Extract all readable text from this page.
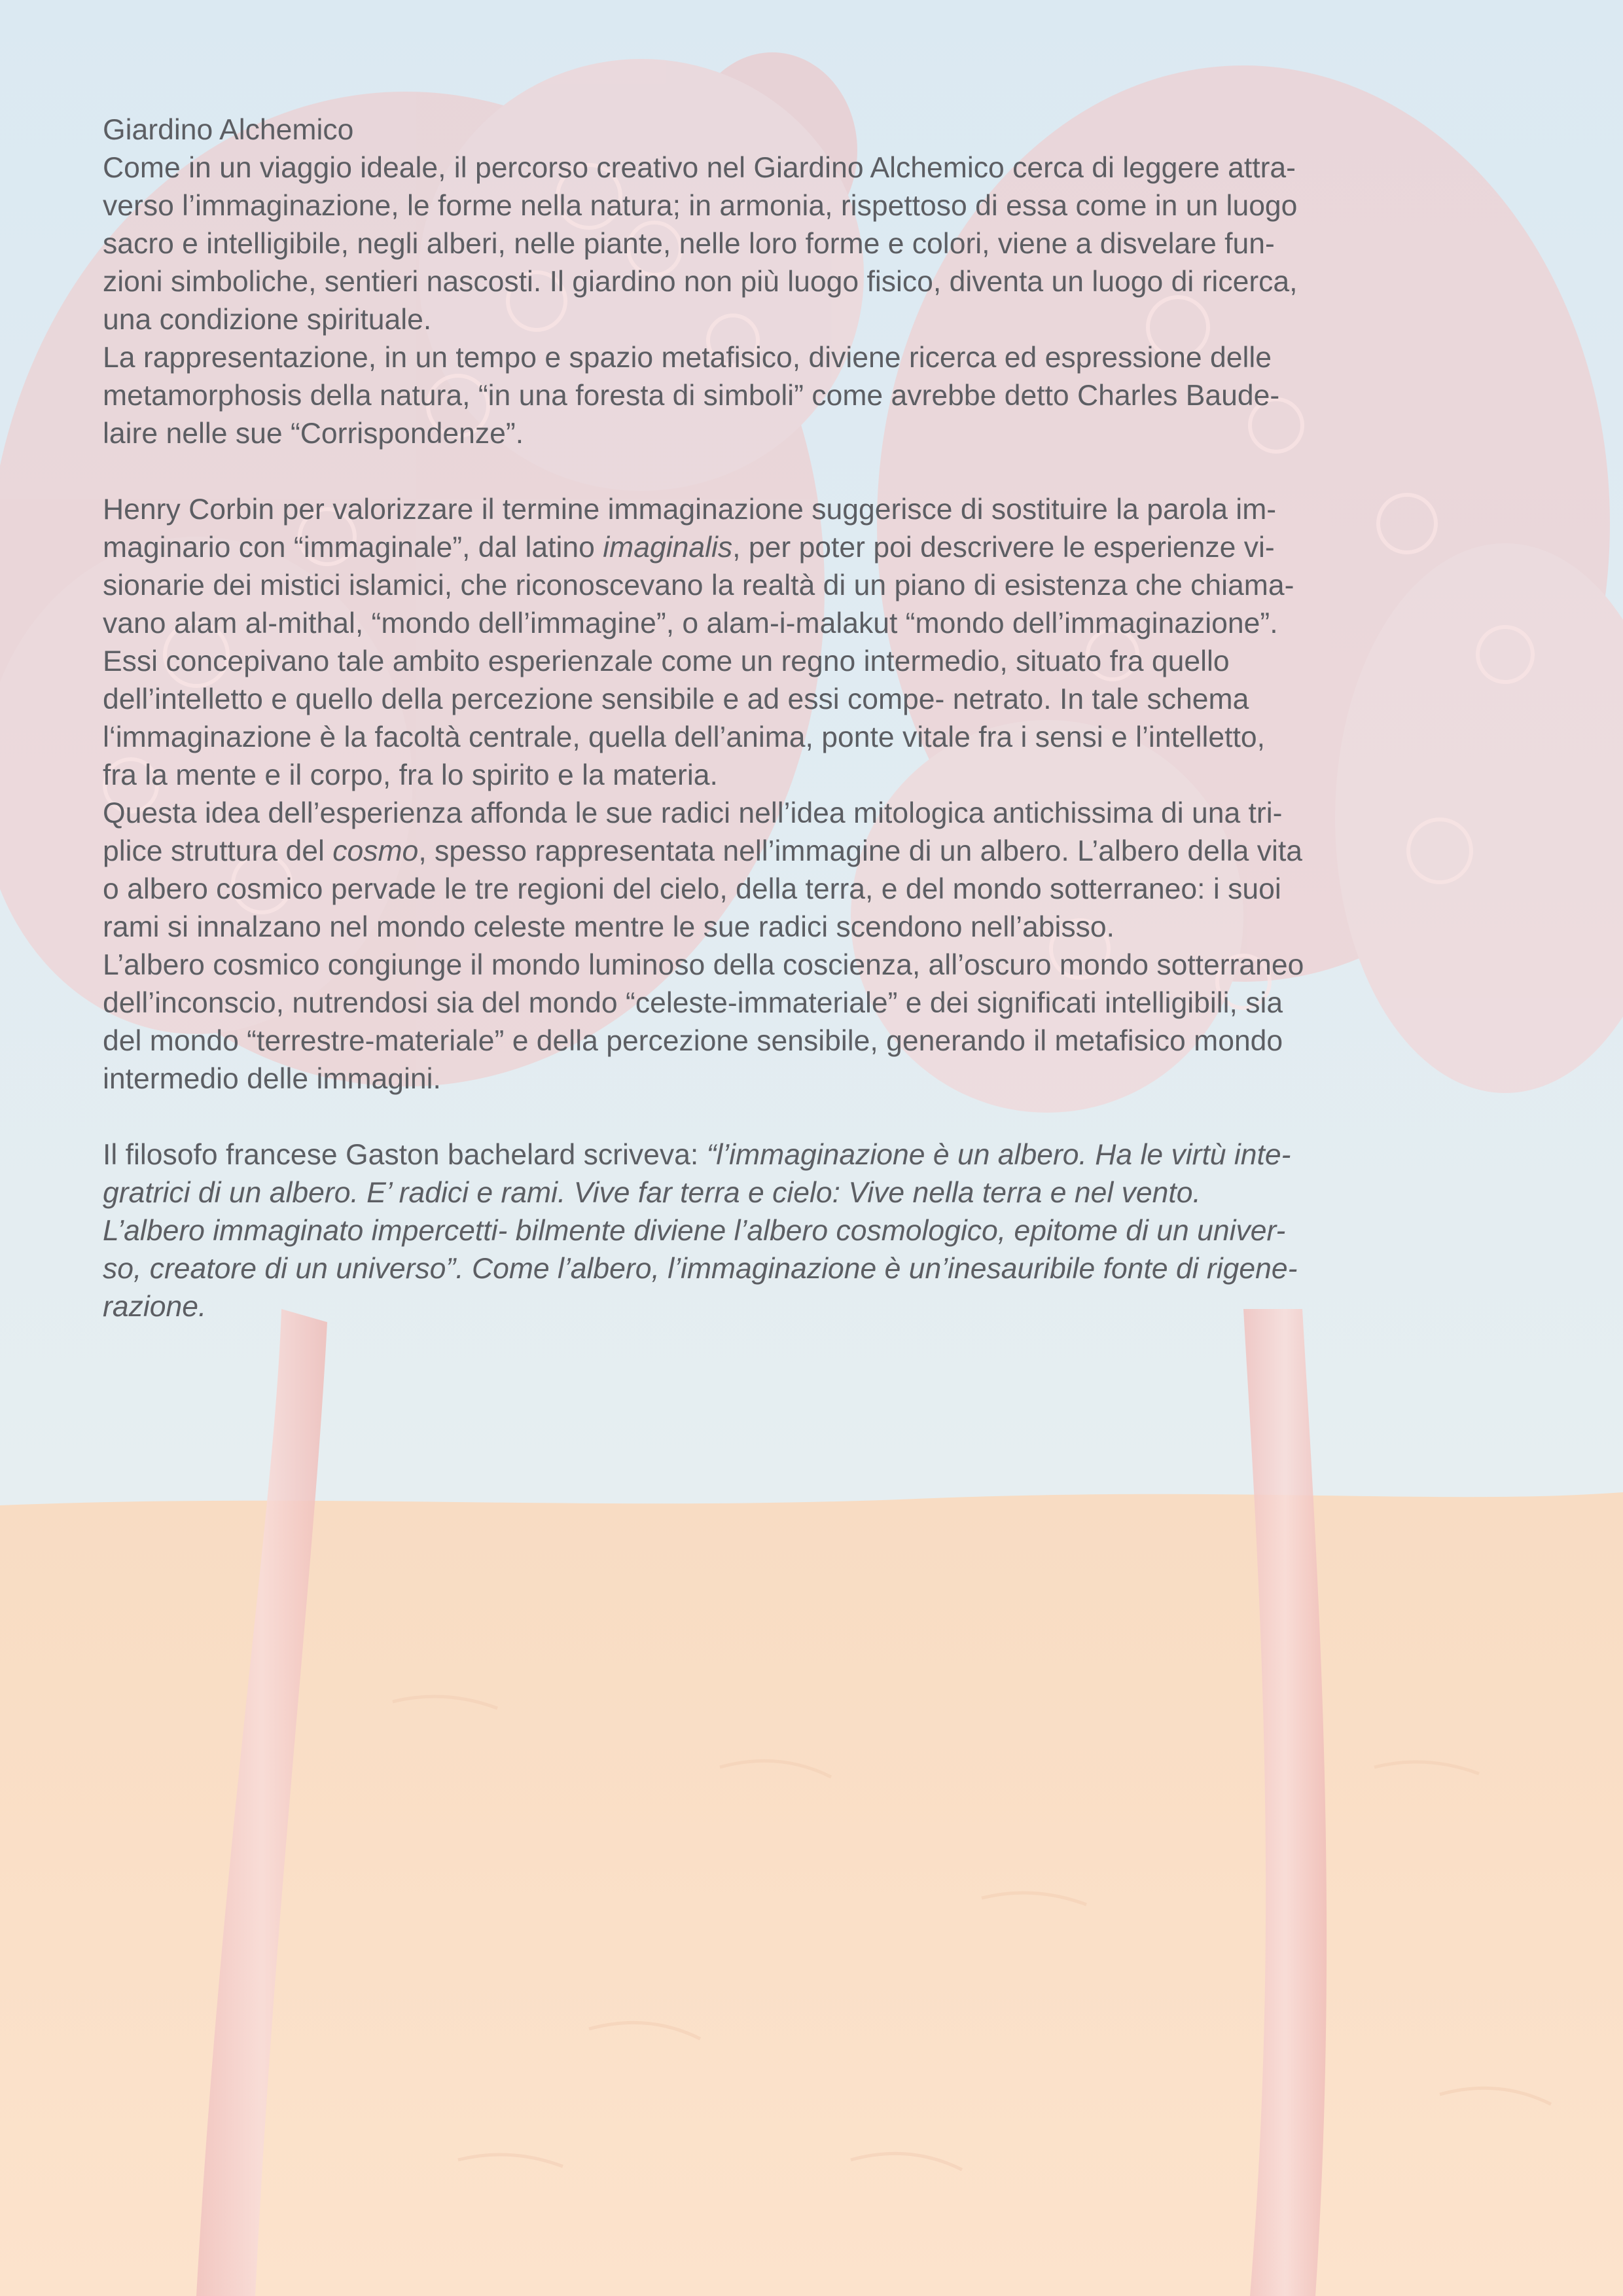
Giardino Alchemico

Come in un viaggio ideale, il percorso creativo nel Giardino Alchemico cerca di leggere attra-
verso l’immaginazione, le forme nella natura; in armonia, rispettoso di essa come in un luogo
sacro e intelligibile, negli alberi, nelle piante, nelle loro forme e colori, viene a disvelare fun-
zioni simboliche, sentieri nascosti. Il giardino non più luogo fisico, diventa un luogo di ricerca,
una condizione spirituale.

La rappresentazione, in un tempo e spazio metafisico, diviene ricerca ed espressione delle
metamorphosis della natura, “in una foresta di simboli” come avrebbe detto Charles Baude-
laire nelle sue “Corrispondenze”.

Henry Corbin per valorizzare il termine immaginazione suggerisce di sostituire la parola im-
maginario con “immaginale”, dal latino imaginalis, per poter poi descrivere le esperienze vi-
sionarie dei mistici islamici, che riconoscevano la realtà di un piano di esistenza che chiama-
vano alam al-mithal, “mondo dell’immagine”, o alam-i-malakut “mondo dell’immaginazione”.
Essi concepivano tale ambito esperienzale come un regno intermedio, situato fra quello
dell’intelletto e quello della percezione sensibile e ad essi compe- netrato. In tale schema
l‘immaginazione è la facoltà centrale, quella dell’anima, ponte vitale fra i sensi e l’intelletto,
fra la mente e il corpo, fra lo spirito e la materia.

Questa idea dell’esperienza affonda le sue radici nell’idea mitologica antichissima di una tri-
plice struttura del cosmo, spesso rappresentata nell’immagine di un albero. L’albero della vita
o albero cosmico pervade le tre regioni del cielo, della terra, e del mondo sotterraneo: i suoi
rami si innalzano nel mondo celeste mentre le sue radici scendono nell’abisso.

L’albero cosmico congiunge il mondo luminoso della coscienza, all’oscuro mondo sotterraneo
dell’inconscio, nutrendosi sia del mondo “celeste-immateriale” e dei significati intelligibili, sia
del mondo “terrestre-materiale” e della percezione sensibile, generando il metafisico mondo
intermedio delle immagini.

Il filosofo francese Gaston bachelard scriveva: “l’immaginazione è un albero. Ha le virtù inte-
gratrici di un albero. E’ radici e rami. Vive far terra e cielo: Vive nella terra e nel vento.
L’albero immaginato impercetti- bilmente diviene l’albero cosmologico, epitome di un univer-
so, creatore di un universo”. Come l’albero, l’immaginazione è un’inesauribile fonte di rigene-
razione.
